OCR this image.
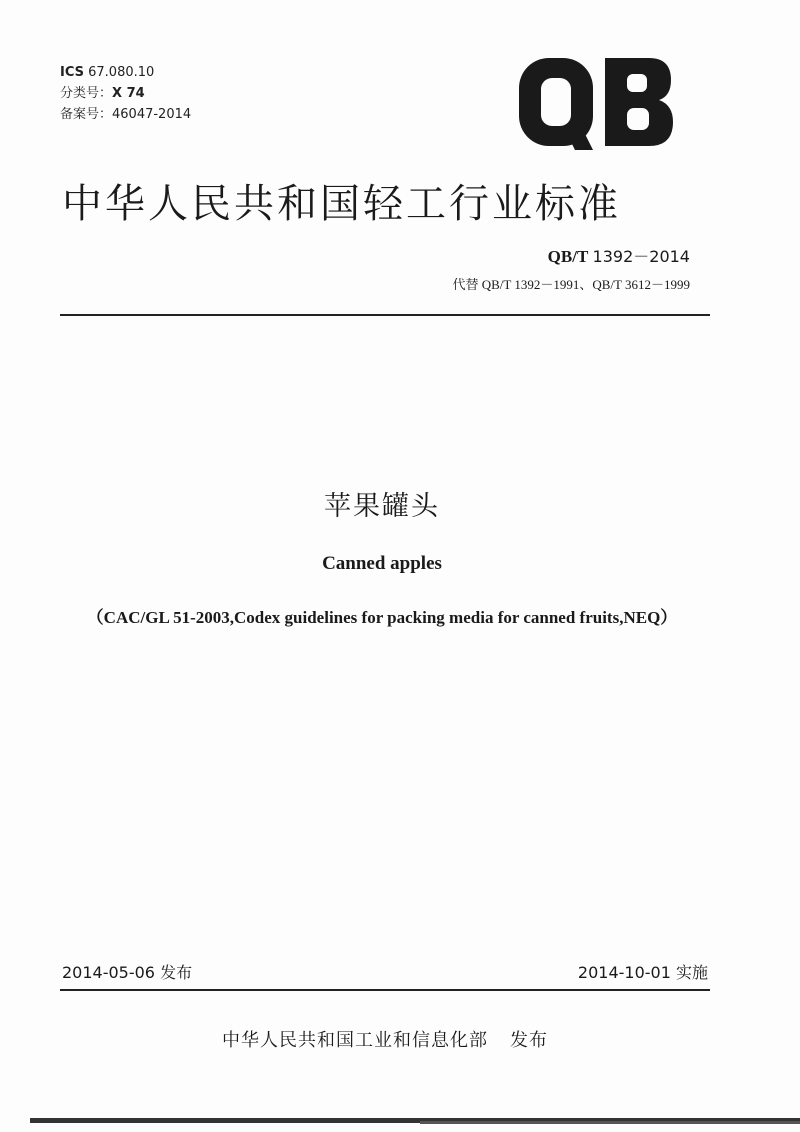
ICS 67.080.10
分类号：X 74
备案号：46047-2014
中华人民共和国轻工行业标准
QB/T 1392－2014
代替 QB/T 1392－1991、QB/T 3612－1999
苹果罐头
Canned apples
（CAC/GL 51-2003,Codex guidelines for packing media for canned fruits,NEQ）
2014-05-06 发布	2014-10-01 实施
中华人民共和国工业和信息化部 发布
